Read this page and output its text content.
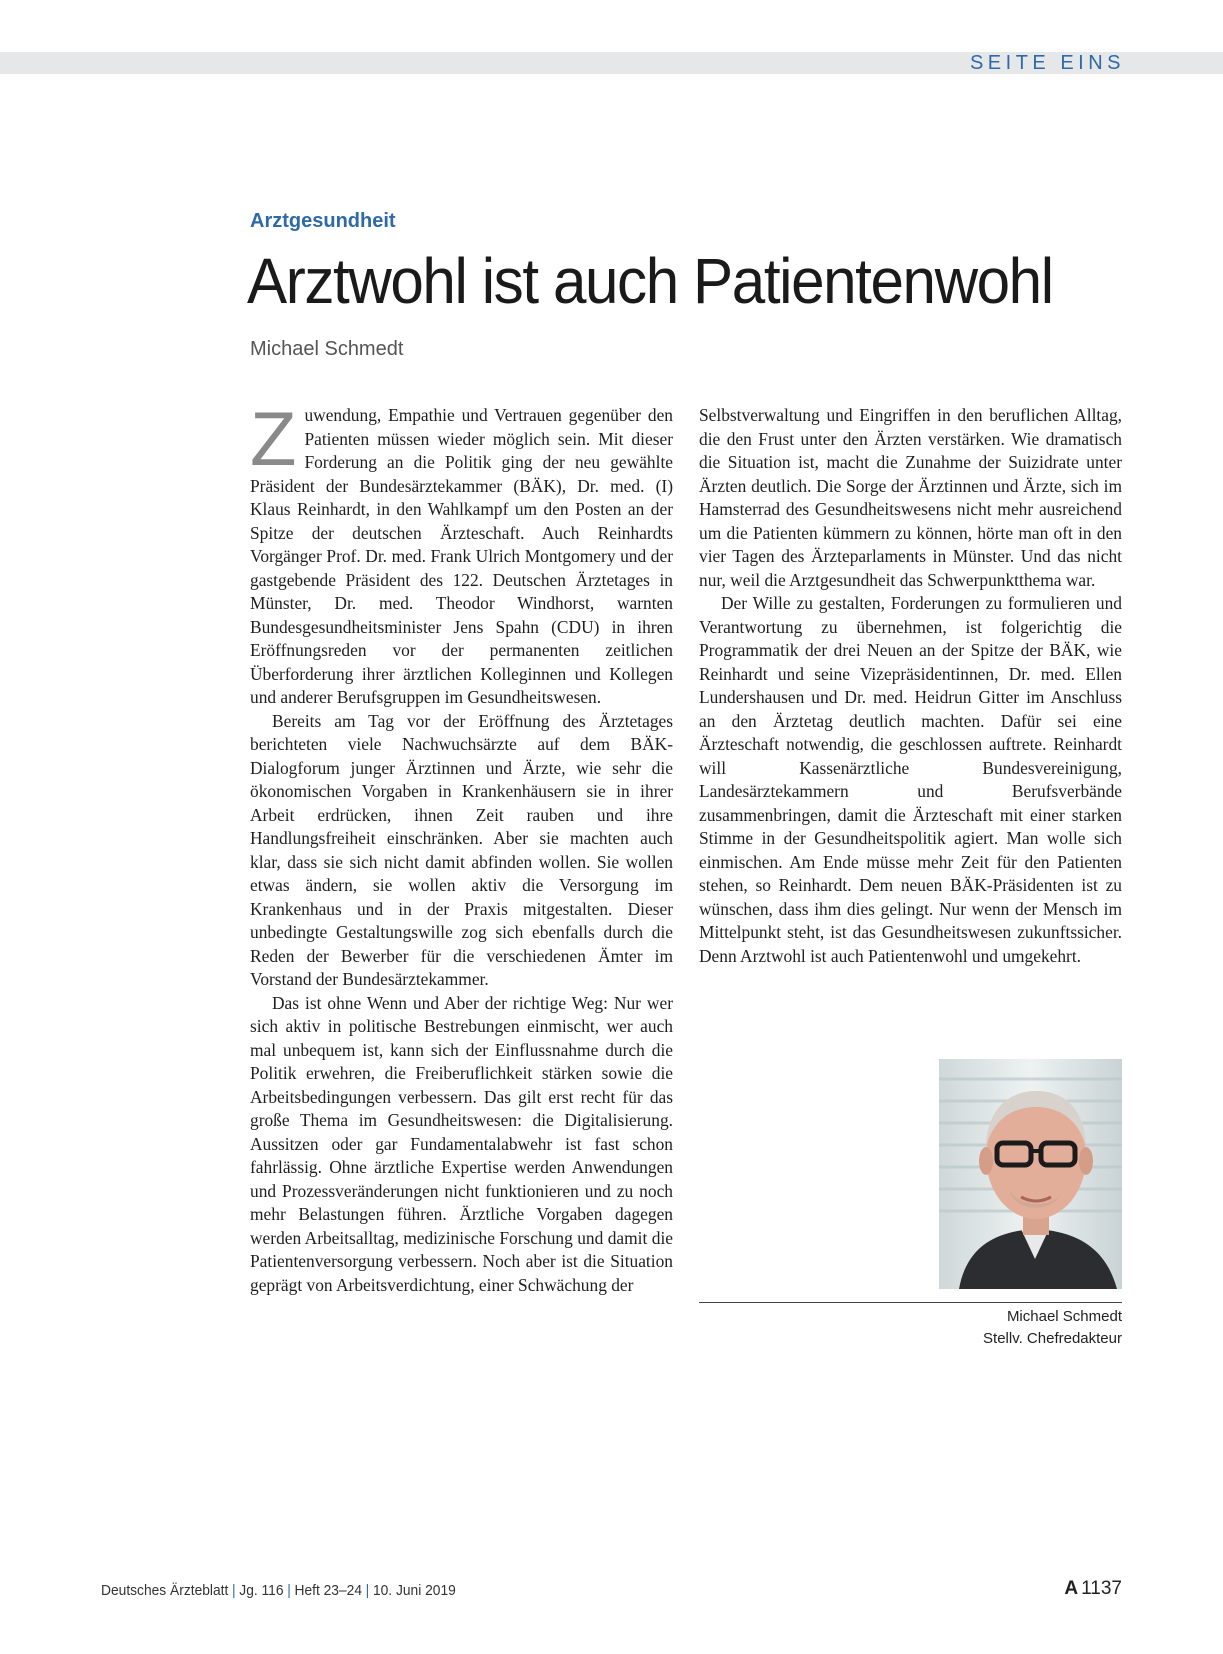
SEITE EINS
Arztgesundheit
Arztwohl ist auch Patientenwohl
Michael Schmedt

Zuwendung, Empathie und Vertrauen gegenüber den Patienten müssen wieder möglich sein. Mit dieser Forderung an die Politik ging der neu gewählte Präsident der Bundesärztekammer (BÄK), Dr. med. (I) Klaus Reinhardt, in den Wahlkampf um den Posten an der Spitze der deutschen Ärzteschaft. Auch Reinhardts Vorgänger Prof. Dr. med. Frank Ulrich Montgomery und der gastgebende Präsident des 122. Deutschen Ärztetages in Münster, Dr. med. Theodor Windhorst, warnten Bundesgesundheitsminister Jens Spahn (CDU) in ihren Eröffnungsreden vor der permanenten zeitlichen Überforderung ihrer ärztlichen Kolleginnen und Kollegen und anderer Berufsgruppen im Gesundheitswesen.

Bereits am Tag vor der Eröffnung des Ärztetages berichteten viele Nachwuchsärzte auf dem BÄK-Dialogforum junger Ärztinnen und Ärzte, wie sehr die ökonomischen Vorgaben in Krankenhäusern sie in ihrer Arbeit erdrücken, ihnen Zeit rauben und ihre Handlungsfreiheit einschränken. Aber sie machten auch klar, dass sie sich nicht damit abfinden wollen. Sie wollen etwas ändern, sie wollen aktiv die Versorgung im Krankenhaus und in der Praxis mitgestalten. Dieser unbedingte Gestaltungswille zog sich ebenfalls durch die Reden der Bewerber für die verschiedenen Ämter im Vorstand der Bundesärztekammer.

Das ist ohne Wenn und Aber der richtige Weg: Nur wer sich aktiv in politische Bestrebungen einmischt, wer auch mal unbequem ist, kann sich der Einflussnahme durch die Politik erwehren, die Freiberuflichkeit stärken sowie die Arbeitsbedingungen verbessern. Das gilt erst recht für das große Thema im Gesundheitswesen: die Digitalisierung. Aussitzen oder gar Fundamentalabwehr ist fast schon fahrlässig. Ohne ärztliche Expertise werden Anwendungen und Prozessveränderungen nicht funktionieren und zu noch mehr Belastungen führen. Ärztliche Vorgaben dagegen werden Arbeitsalltag, medizinische Forschung und damit die Patientenversorgung verbessern. Noch aber ist die Situation geprägt von Arbeitsverdichtung, einer Schwächung der

Selbstverwaltung und Eingriffen in den beruflichen Alltag, die den Frust unter den Ärzten verstärken. Wie dramatisch die Situation ist, macht die Zunahme der Suizidrate unter Ärzten deutlich. Die Sorge der Ärztinnen und Ärzte, sich im Hamsterrad des Gesundheitswesens nicht mehr ausreichend um die Patienten kümmern zu können, hörte man oft in den vier Tagen des Ärzteparlaments in Münster. Und das nicht nur, weil die Arztgesundheit das Schwerpunktthema war.

Der Wille zu gestalten, Forderungen zu formulieren und Verantwortung zu übernehmen, ist folgerichtig die Programmatik der drei Neuen an der Spitze der BÄK, wie Reinhardt und seine Vizepräsidentinnen, Dr. med. Ellen Lundershausen und Dr. med. Heidrun Gitter im Anschluss an den Ärztetag deutlich machten. Dafür sei eine Ärzteschaft notwendig, die geschlossen auftrete. Reinhardt will Kassenärztliche Bundesvereinigung, Landesärztekammern und Berufsverbände zusammenbringen, damit die Ärzteschaft mit einer starken Stimme in der Gesundheitspolitik agiert. Man wolle sich einmischen. Am Ende müsse mehr Zeit für den Patienten stehen, so Reinhardt. Dem neuen BÄK-Präsidenten ist zu wünschen, dass ihm dies gelingt. Nur wenn der Mensch im Mittelpunkt steht, ist das Gesundheitswesen zukunftssicher. Denn Arztwohl ist auch Patientenwohl und umgekehrt.

Michael Schmedt
Stellv. Chefredakteur
Deutsches Ärzteblatt | Jg. 116 | Heft 23–24 | 10. Juni 2019	A 1137
